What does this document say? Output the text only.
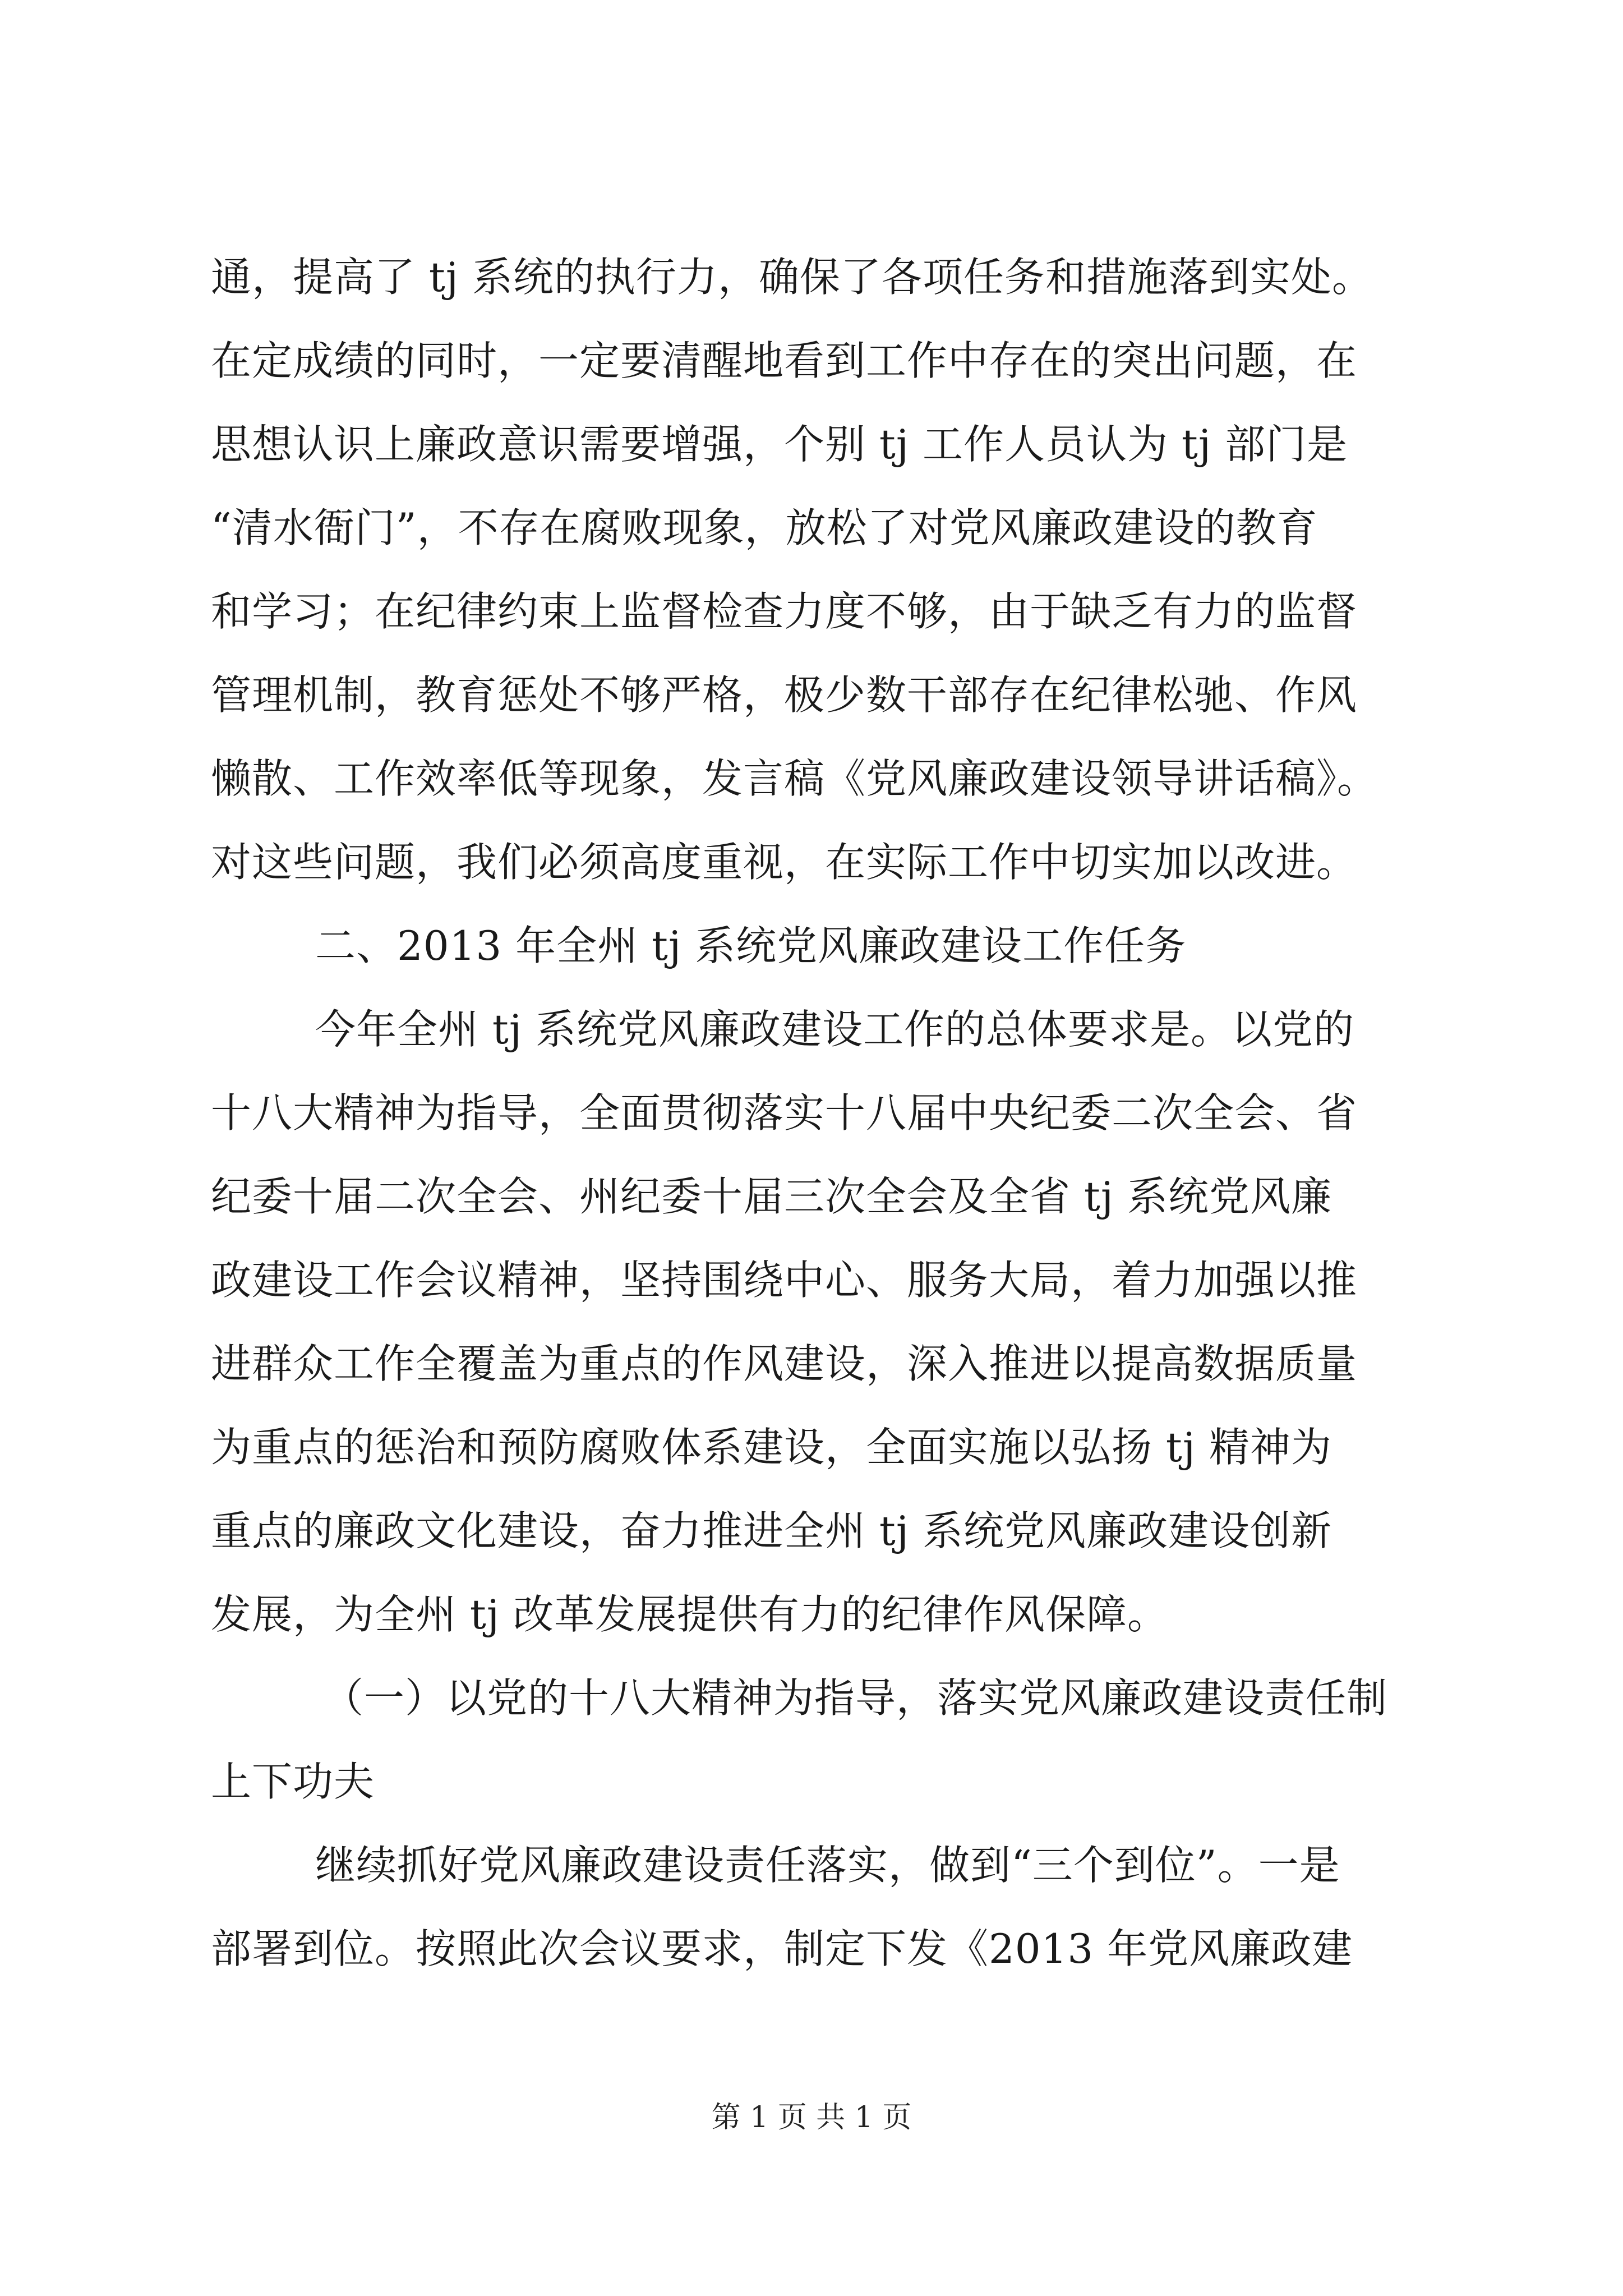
通，提高了 tj 系统的执行力，确保了各项任务和措施落到实处。
在定成绩的同时，一定要清醒地看到工作中存在的突出问题，在
思想认识上廉政意识需要增强，个别 tj 工作人员认为 tj 部门是
“清水衙门”，不存在腐败现象，放松了对党风廉政建设的教育
和学习；在纪律约束上监督检查力度不够，由于缺乏有力的监督
管理机制，教育惩处不够严格，极少数干部存在纪律松驰、作风
懒散、工作效率低等现象，发言稿《党风廉政建设领导讲话稿》。
对这些问题，我们必须高度重视，在实际工作中切实加以改进。
二、2013 年全州 tj 系统党风廉政建设工作任务
今年全州 tj 系统党风廉政建设工作的总体要求是。以党的
十八大精神为指导，全面贯彻落实十八届中央纪委二次全会、省
纪委十届二次全会、州纪委十届三次全会及全省 tj 系统党风廉
政建设工作会议精神，坚持围绕中心、服务大局，着力加强以推
进群众工作全覆盖为重点的作风建设，深入推进以提高数据质量
为重点的惩治和预防腐败体系建设，全面实施以弘扬 tj 精神为
重点的廉政文化建设，奋力推进全州 tj 系统党风廉政建设创新
发展，为全州 tj 改革发展提供有力的纪律作风保障。
（一）以党的十八大精神为指导，落实党风廉政建设责任制
上下功夫
继续抓好党风廉政建设责任落实，做到“三个到位”。一是
部署到位。按照此次会议要求，制定下发《2013 年党风廉政建
第 1 页 共 1 页
